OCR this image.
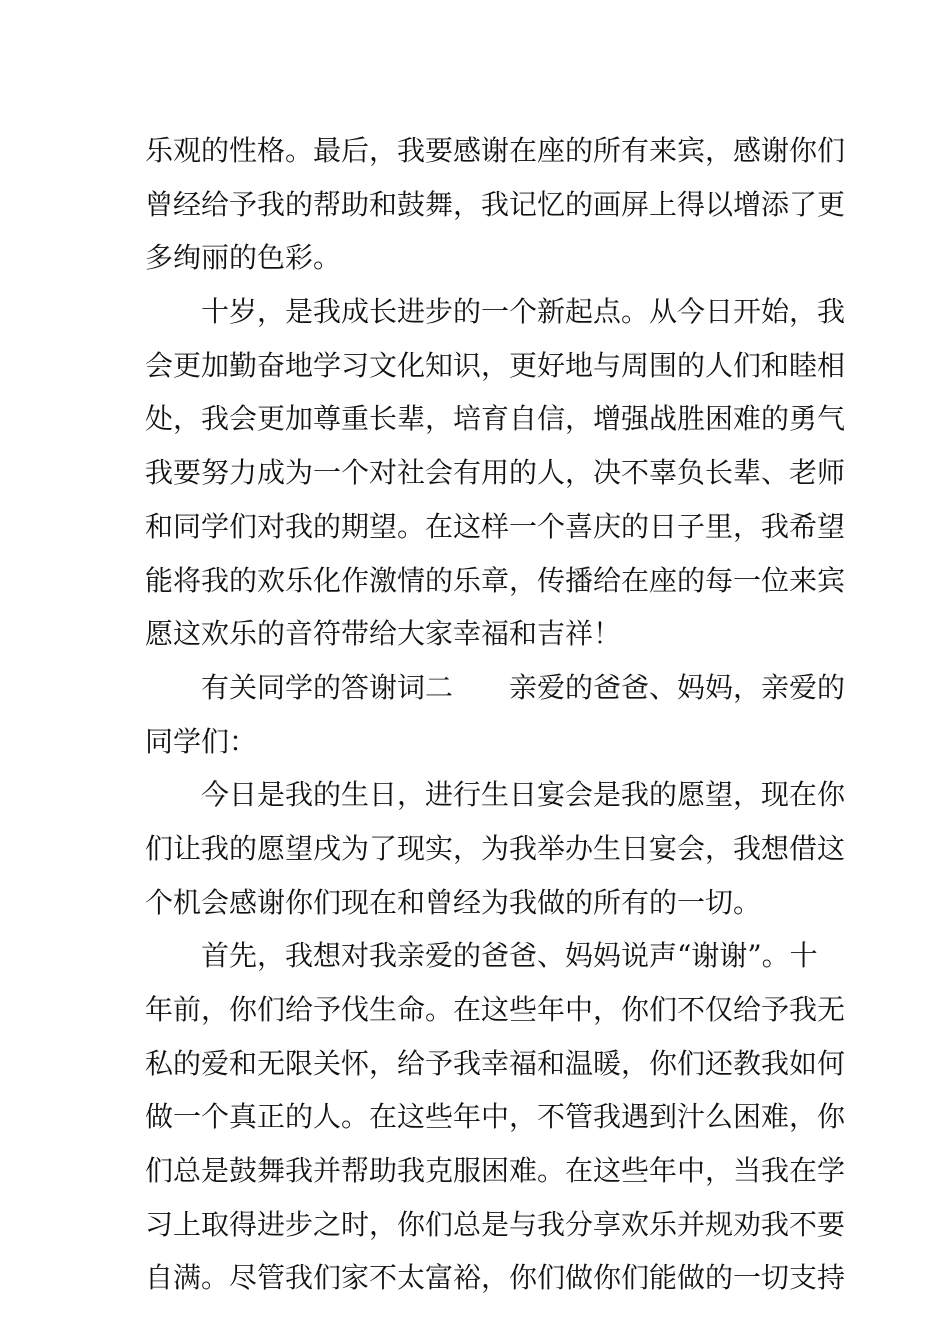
乐观的性格。最后，我要感谢在座的所有来宾，感谢你们
曾经给予我的帮助和鼓舞，我记忆的画屏上得以增添了更
多绚丽的色彩。
十岁，是我成长进步的一个新起点。从今日开始，我
会更加勤奋地学习文化知识，更好地与周围的人们和睦相
处，我会更加尊重长辈，培育自信，增强战胜困难的勇气
我要努力成为一个对社会有用的人，决不辜负长辈、老师
和同学们对我的期望。在这样一个喜庆的日子里，我希望
能将我的欢乐化作激情的乐章，传播给在座的每一位来宾
愿这欢乐的音符带给大家幸福和吉祥！
有关同学的答谢词二　　亲爱的爸爸、妈妈，亲爱的
同学们：
今日是我的生日，进行生日宴会是我的愿望，现在你
们让我的愿望戌为了现实，为我举办生日宴会，我想借这
个机会感谢你们现在和曾经为我做的所有的一切。
首先，我想对我亲爱的爸爸、妈妈说声“谢谢”。十
年前，你们给予伐生命。在这些年中，你们不仅给予我无
私的爱和无限关怀，给予我幸福和温暖，你们还教我如何
做一个真正的人。在这些年中，不管我遇到汁么困难，你
们总是鼓舞我并帮助我克服困难。在这些年中，当我在学
习上取得进步之时，你们总是与我分享欢乐并规劝我不要
自满。尽管我们家不太富裕，你们做你们能做的一切支持
